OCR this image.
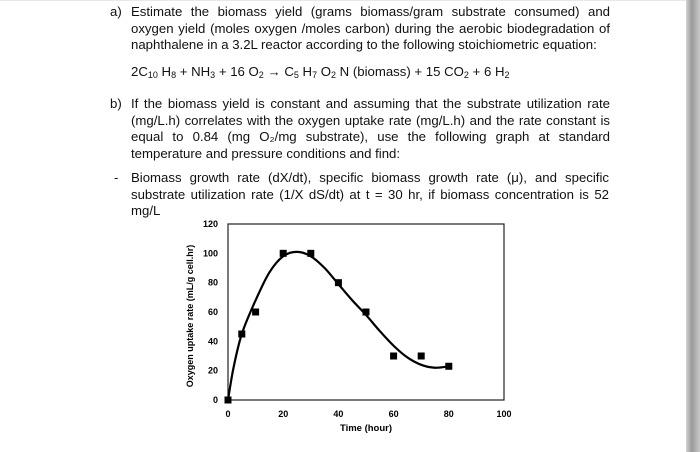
a) Estimate the biomass yield (grams biomass/gram substrate consumed) and oxygen yield (moles oxygen /moles carbon) during the aerobic biodegradation of naphthalene in a 3.2L reactor according to the following stoichiometric equation:
$2C_{10}$ $H_8 + NH_3 + 16$ $O_2 \to C_5$ $H_7$ $O_2$ N (biomass) + 15 $CO_2 + 6$ $H_2$
b) If the biomass yield is constant and assuming that the substrate utilization rate (mg/L.h) correlates with the oxygen uptake rate (mg/L.h) and the rate constant is equal to 0.84 (mg O₂/mg substrate), use the following graph at standard temperature and pressure conditions and find:
- Biomass growth rate (dX/dt), specific biomass growth rate (μ), and specific substrate utilization rate (1/X dS/dt) at t = 30 hr, if biomass concentration is 52 mg/L
0	20	40	60	80	100
0
20
40
60
80
100
120
Time (hour)
Oxygen uptake rate (mL/g cell.hr)
